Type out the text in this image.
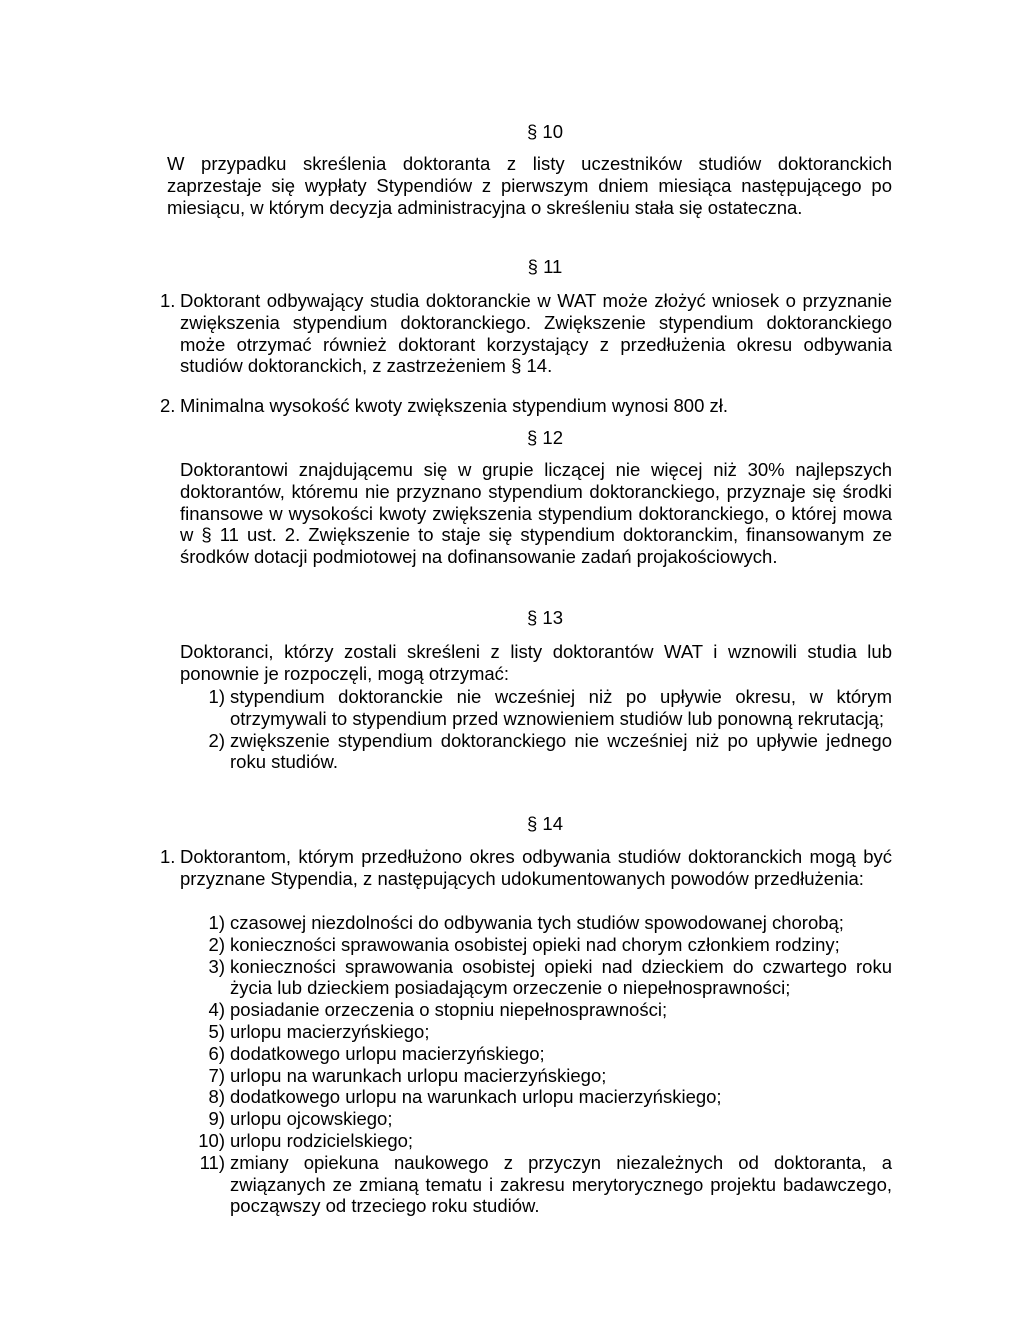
§ 10
W przypadku skreślenia doktoranta z listy uczestników studiów doktoranckich zaprzestaje się wypłaty Stypendiów z pierwszym dniem miesiąca następującego po miesiącu, w którym decyzja administracyjna o skreśleniu stała się ostateczna.
§ 11
1. Doktorant odbywający studia doktoranckie w WAT może złożyć wniosek o przyznanie zwiększenia stypendium doktoranckiego. Zwiększenie stypendium doktoranckiego może otrzymać również doktorant korzystający z przedłużenia okresu odbywania studiów doktoranckich, z zastrzeżeniem § 14.
2. Minimalna wysokość kwoty zwiększenia stypendium wynosi 800 zł.
§ 12
Doktorantowi znajdującemu się w grupie liczącej nie więcej niż 30% najlepszych doktorantów, któremu nie przyznano stypendium doktoranckiego, przyznaje się środki finansowe w wysokości kwoty zwiększenia stypendium doktoranckiego, o której mowa w § 11 ust. 2. Zwiększenie to staje się stypendium doktoranckim, finansowanym ze środków dotacji podmiotowej na dofinansowanie zadań projakościowych.
§ 13
Doktoranci, którzy zostali skreśleni z listy doktorantów WAT i wznowili studia lub ponownie je rozpoczęli, mogą otrzymać:
1) stypendium doktoranckie nie wcześniej niż po upływie okresu, w którym otrzymywali to stypendium przed wznowieniem studiów lub ponowną rekrutacją;
2) zwiększenie stypendium doktoranckiego nie wcześniej niż po upływie jednego roku studiów.
§ 14
1. Doktorantom, którym przedłużono okres odbywania studiów doktoranckich mogą być przyznane Stypendia, z następujących udokumentowanych powodów przedłużenia:
1) czasowej niezdolności do odbywania tych studiów spowodowanej chorobą;
2) konieczności sprawowania osobistej opieki nad chorym członkiem rodziny;
3) konieczności sprawowania osobistej opieki nad dzieckiem do czwartego roku życia lub dzieckiem posiadającym orzeczenie o niepełnosprawności;
4) posiadanie orzeczenia o stopniu niepełnosprawności;
5) urlopu macierzyńskiego;
6) dodatkowego urlopu macierzyńskiego;
7) urlopu na warunkach urlopu macierzyńskiego;
8) dodatkowego urlopu na warunkach urlopu macierzyńskiego;
9) urlopu ojcowskiego;
10) urlopu rodzicielskiego;
11) zmiany opiekuna naukowego z przyczyn niezależnych od doktoranta, a związanych ze zmianą tematu i zakresu merytorycznego projektu badawczego, począwszy od trzeciego roku studiów.
